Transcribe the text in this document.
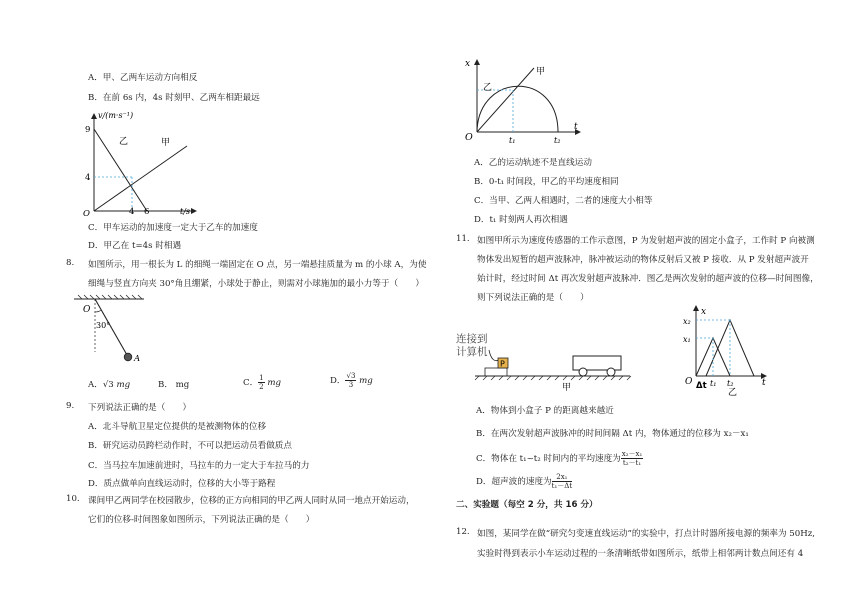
A．甲、乙两车运动方向相反
B．在前 6s 内，4s 时刻甲、乙两车相距最远
v/(m·s⁻¹)
t/s
O
9
4
4 6
乙	甲
C．甲车运动的加速度一定大于乙车的加速度
D．甲乙在 t=4s 时相遇
8. 如图所示，用一根长为 L 的细绳一端固定在 O 点，另一端悬挂质量为 m 的小球 A，为使
细绳与竖直方向夹 30°角且绷紧，小球处于静止，则需对小球施加的最小力等于（　　）
O
30°
A
A．√3 mg	B． mg	C． $\frac{1}{2}$ mg	D． $\frac{√3}{3}$ mg
9. 下列说法正确的是（　　）
A．北斗导航卫星定位提供的是被测物体的位移
B．研究运动员跨栏动作时，不可以把运动员看做质点
C．当马拉车加速前进时，马拉车的力一定大于车拉马的力
D．质点做单向直线运动时，位移的大小等于路程
10. 课间甲乙两同学在校园散步，位移的正方向相同的甲乙两人同时从同一地点开始运动，
它们的位移-时间图象如图所示，下列说法正确的是（　　）
x
t
O
甲
乙
t₁	t₂
A．乙的运动轨迹不是直线运动
B．0-t₁ 时间段，甲乙的平均速度相同
C．当甲、乙两人相遇时，二者的速度大小相等
D．t₁ 时刻两人再次相遇
11. 如图甲所示为速度传感器的工作示意图，P 为发射超声波的固定小盒子，工作时 P 向被测
物体发出短暂的超声波脉冲，脉冲被运动的物体反射后又被 P 接收．从 P 发射超声波开
始计时，经过时间 Δt 再次发射超声波脉冲．图乙是两次发射的超声波的位移—时间图像，
则下列说法正确的是（　　）
连接到
计算机
P
甲
x
t
O
x₂
x₁
Δt t₁ t₂
乙
A．物体到小盒子 P 的距离越来越近
B．在两次发射超声波脉冲的时间间隔 Δt 内，物体通过的位移为 x₂－x₁
C．物体在 t₁~t₂ 时间内的平均速度为 $\frac{\text{x₂－x₁}}{\text{t₂－t₁}}$
D．超声波的速度为 $\frac{\text{2x₁}}{\text{t₁－Δt}}$
二、实验题（每空 2 分，共 16 分）
12. 如图，某同学在做“研究匀变速直线运动”的实验中，打点计时器所接电源的频率为 50Hz,
实验时得到表示小车运动过程的一条清晰纸带如图所示，纸带上相邻两计数点间还有 4
